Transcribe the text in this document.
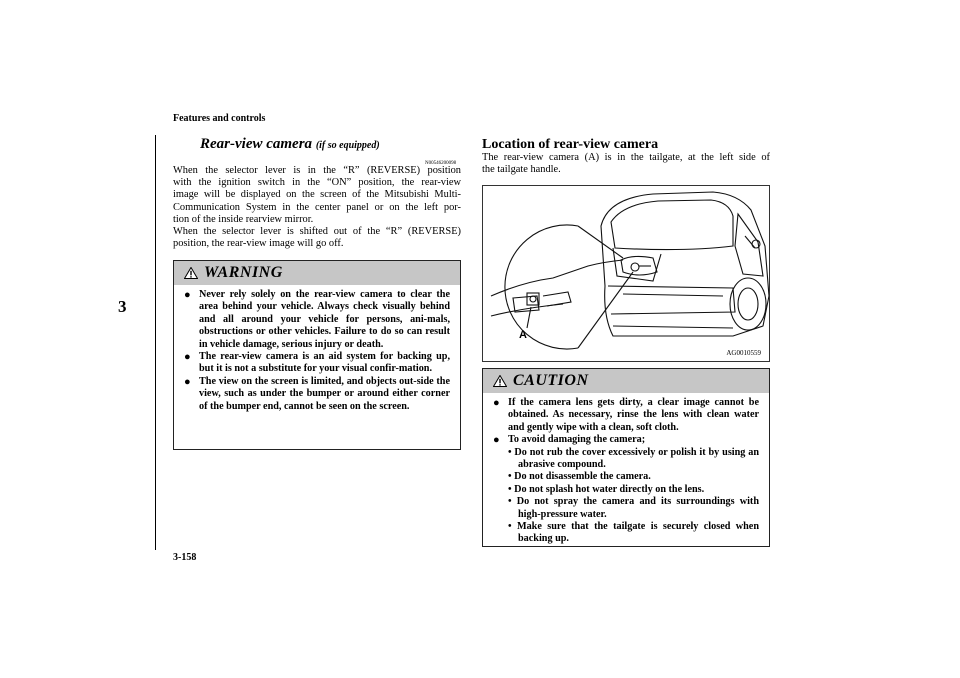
Features and controls
3
Rear-view camera (if so equipped)
N00546200098
When the selector lever is in the “R” (REVERSE) position
with the ignition switch in the “ON” position, the rear-view
image will be displayed on the screen of the Mitsubishi Multi-
Communication System in the center panel or on the left por-
tion of the inside rearview mirror.
When the selector lever is shifted out of the “R” (REVERSE)
position, the rear-view image will go off.
WARNING
● Never rely solely on the rear-view camera to clear the area behind your vehicle. Always check visually behind and all around your vehicle for persons, ani-mals, obstructions or other vehicles. Failure to do so can result in vehicle damage, serious injury or death.
● The rear-view camera is an aid system for backing up, but it is not a substitute for your visual confir-mation.
● The view on the screen is limited, and objects out-side the view, such as under the bumper or around either corner of the bumper end, cannot be seen on the screen.
Location of rear-view camera
The rear-view camera (A) is in the tailgate, at the left side of
the tailgate handle.
A
AG0010559
CAUTION
● If the camera lens gets dirty, a clear image cannot be obtained. As necessary, rinse the lens with clean water and gently wipe with a clean, soft cloth.
● To avoid damaging the camera;
• Do not rub the cover excessively or polish it by using an abrasive compound.
• Do not disassemble the camera.
• Do not splash hot water directly on the lens.
• Do not spray the camera and its surroundings with high-pressure water.
• Make sure that the tailgate is securely closed when backing up.
3-158
